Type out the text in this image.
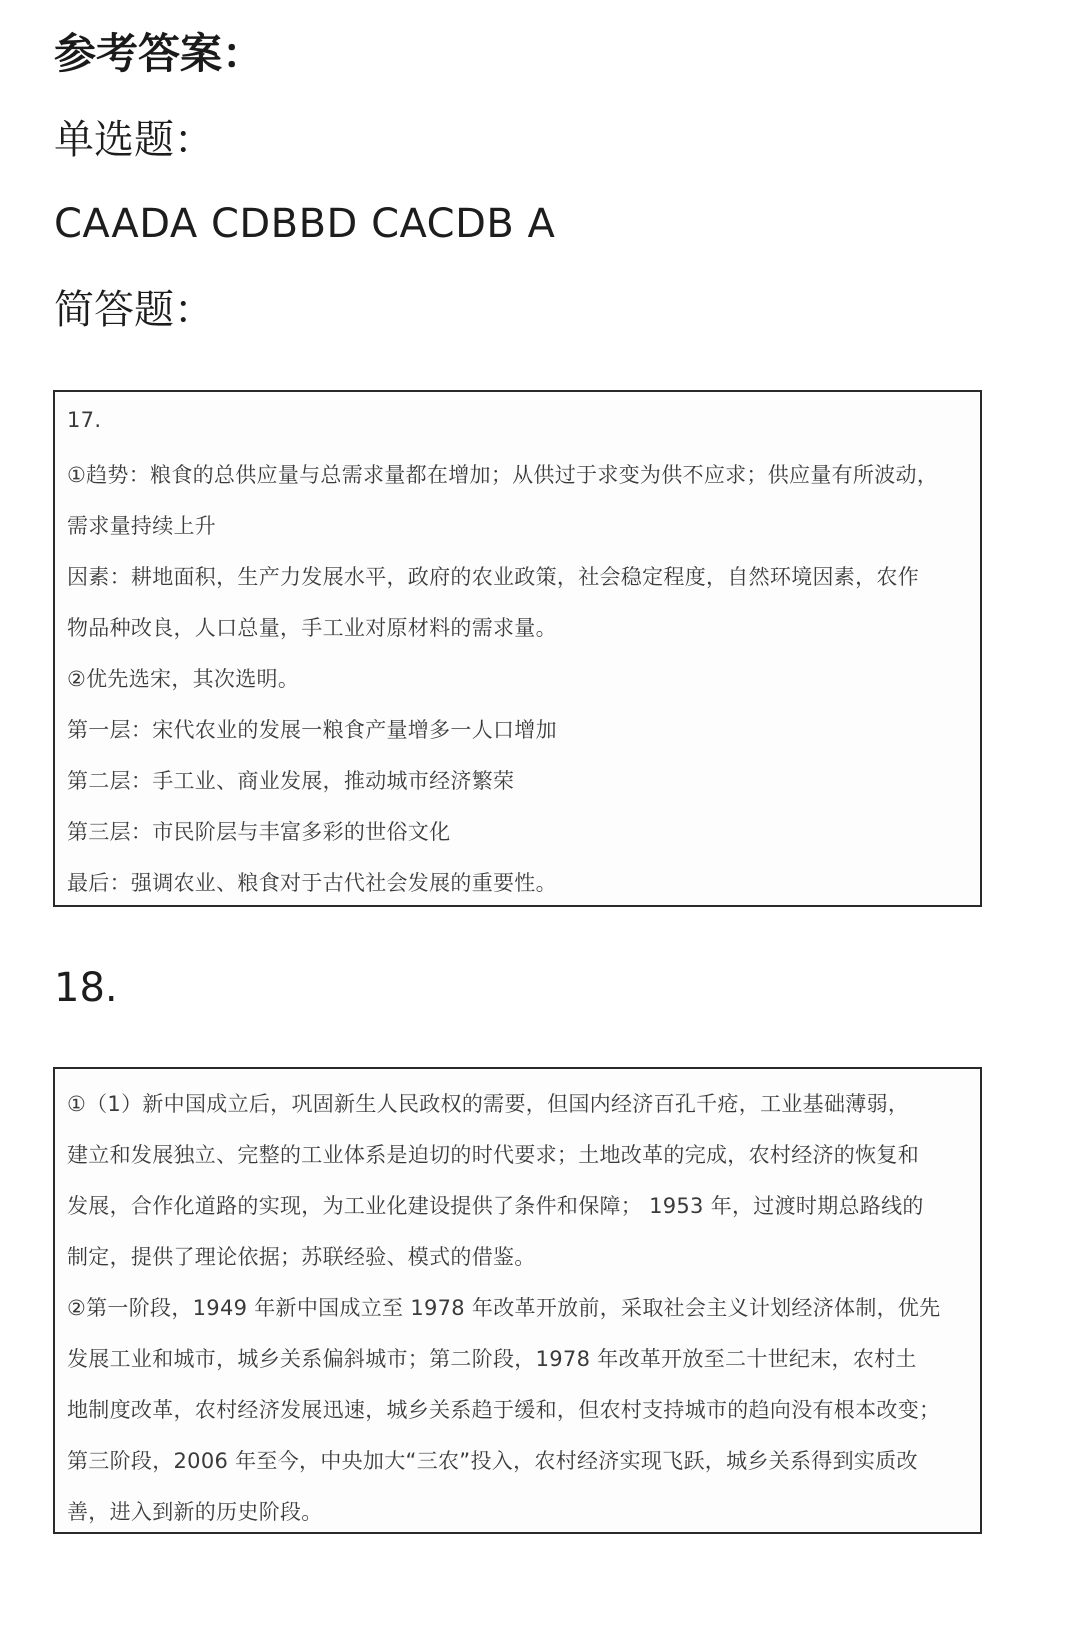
参考答案：
单选题：
CAADA CDBBD CACDB A
简答题：
17.
①趋势：粮食的总供应量与总需求量都在增加；从供过于求变为供不应求；供应量有所波动，
需求量持续上升
因素：耕地面积，生产力发展水平，政府的农业政策，社会稳定程度，自然环境因素，农作
物品种改良，人口总量，手工业对原材料的需求量。
②优先选宋，其次选明。
第一层：宋代农业的发展一粮食产量增多一人口增加
第二层：手工业、商业发展，推动城市经济繁荣
第三层：市民阶层与丰富多彩的世俗文化
最后：强调农业、粮食对于古代社会发展的重要性。
18.
①（1）新中国成立后，巩固新生人民政权的需要，但国内经济百孔千疮，工业基础薄弱，
建立和发展独立、完整的工业体系是迫切的时代要求；土地改革的完成，农村经济的恢复和
发展，合作化道路的实现，为工业化建设提供了条件和保障； 1953 年，过渡时期总路线的
制定，提供了理论依据；苏联经验、模式的借鉴。
②第一阶段，1949 年新中国成立至 1978 年改革开放前，采取社会主义计划经济体制，优先
发展工业和城市，城乡关系偏斜城市；第二阶段，1978 年改革开放至二十世纪末，农村土
地制度改革，农村经济发展迅速，城乡关系趋于缓和，但农村支持城市的趋向没有根本改变；
第三阶段，2006 年至今，中央加大“三农”投入，农村经济实现飞跃，城乡关系得到实质改
善，进入到新的历史阶段。
